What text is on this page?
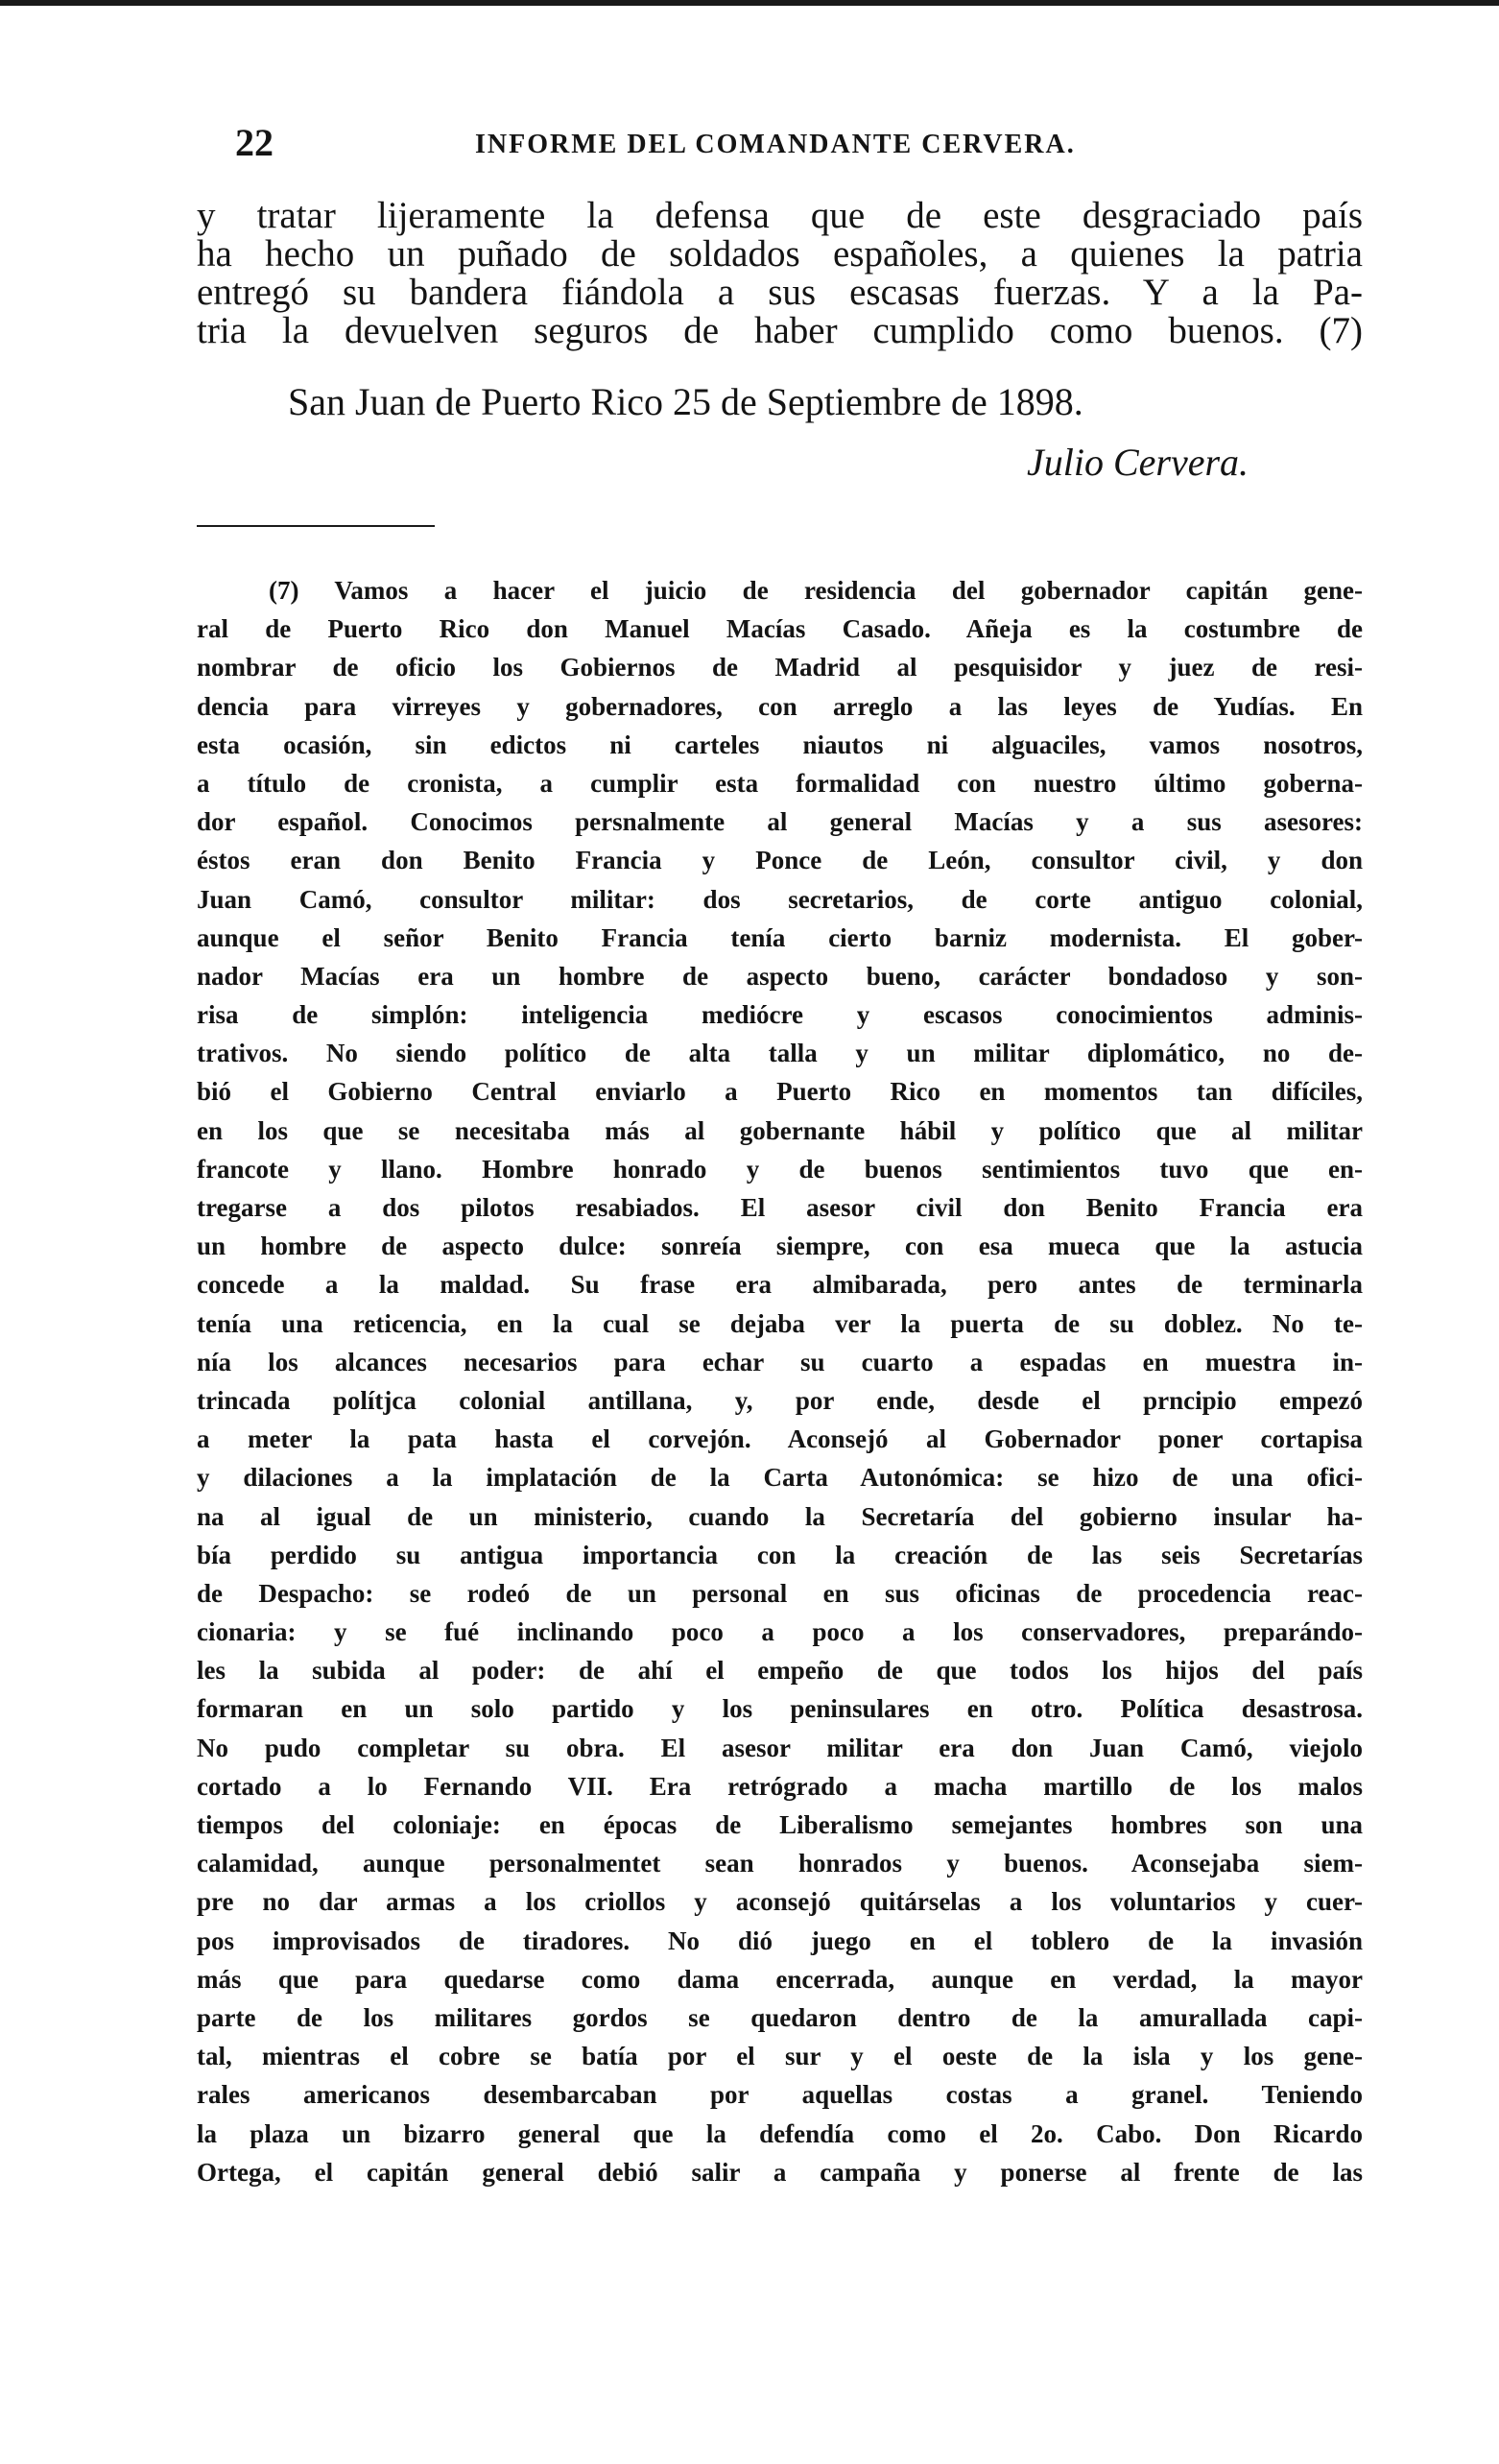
22	INFORME DEL COMANDANTE CERVERA.

y tratar lijeramente la defensa que de este desgraciado país

ha hecho un puñado de soldados españoles, a quienes la patria

entregó su bandera fiándola a sus escasas fuerzas. Y a la Pa-

tria la devuelven seguros de haber cumplido como buenos. (7)

San Juan de Puerto Rico 25 de Septiembre de 1898.
Julio Cervera.

(7) Vamos a hacer el juicio de residencia del gobernador capitán gene-

ral de Puerto Rico don Manuel Macías Casado. Añeja es la costumbre de

nombrar de oficio los Gobiernos de Madrid al pesquisidor y juez de resi-

dencia para virreyes y gobernadores, con arreglo a las leyes de Yudías. En

esta ocasión, sin edictos ni carteles niautos ni alguaciles, vamos nosotros,

a título de cronista, a cumplir esta formalidad con nuestro último goberna-

dor español. Conocimos persnalmente al general Macías y a sus asesores:

éstos eran don Benito Francia y Ponce de León, consultor civil, y don

Juan Camó, consultor militar: dos secretarios, de corte antiguo colonial,

aunque el señor Benito Francia tenía cierto barniz modernista. El gober-

nador Macías era un hombre de aspecto bueno, carácter bondadoso y son-

risa de simplón: inteligencia mediócre y escasos conocimientos adminis-

trativos. No siendo político de alta talla y un militar diplomático, no de-

bió el Gobierno Central enviarlo a Puerto Rico en momentos tan difíciles,

en los que se necesitaba más al gobernante hábil y político que al militar

francote y llano. Hombre honrado y de buenos sentimientos tuvo que en-

tregarse a dos pilotos resabiados. El asesor civil don Benito Francia era

un hombre de aspecto dulce: sonreía siempre, con esa mueca que la astucia

concede a la maldad. Su frase era almibarada, pero antes de terminarla

tenía una reticencia, en la cual se dejaba ver la puerta de su doblez. No te-

nía los alcances necesarios para echar su cuarto a espadas en muestra in-

trincada polítjca colonial antillana, y, por ende, desde el prncipio empezó

a meter la pata hasta el corvejón. Aconsejó al Gobernador poner cortapisa

y dilaciones a la implatación de la Carta Autonómica: se hizo de una ofici-

na al igual de un ministerio, cuando la Secretaría del gobierno insular ha-

bía perdido su antigua importancia con la creación de las seis Secretarías

de Despacho: se rodeó de un personal en sus oficinas de procedencia reac-

cionaria: y se fué inclinando poco a poco a los conservadores, preparándo-

les la subida al poder: de ahí el empeño de que todos los hijos del país

formaran en un solo partido y los peninsulares en otro. Política desastrosa.

No pudo completar su obra. El asesor militar era don Juan Camó, viejolo

cortado a lo Fernando VII. Era retrógrado a macha martillo de los malos

tiempos del coloniaje: en épocas de Liberalismo semejantes hombres son una

calamidad, aunque personalmentet sean honrados y buenos. Aconsejaba siem-

pre no dar armas a los criollos y aconsejó quitárselas a los voluntarios y cuer-

pos improvisados de tiradores. No dió juego en el toblero de la invasión

más que para quedarse como dama encerrada, aunque en verdad, la mayor

parte de los militares gordos se quedaron dentro de la amurallada capi-

tal, mientras el cobre se batía por el sur y el oeste de la isla y los gene-

rales americanos desembarcaban por aquellas costas a granel. Teniendo

la plaza un bizarro general que la defendía como el 2o. Cabo. Don Ricardo

Ortega, el capitán general debió salir a campaña y ponerse al frente de las
